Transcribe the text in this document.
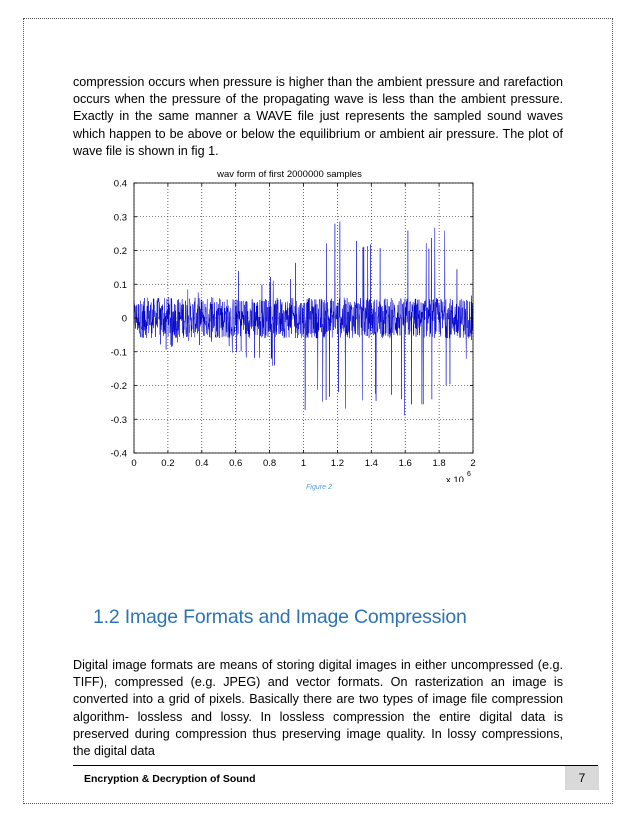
compression occurs when pressure is higher than the ambient pressure and rarefaction occurs when the pressure of the propagating wave is less than the ambient pressure. Exactly in the same manner a WAVE file just represents the sampled sound waves which happen to be above or below the equilibrium or ambient air pressure. The plot of wave file is shown in fig 1.

0	0.2 0.4 0.6 0.8	1	1.2 1.4 1.6 1.8	2
0.4
0.3
0.2
0.1
0
-0.1
-0.2
-0.3
-0.4
wav form of first 2000000 samples
x 10
6

Figure 2

1.2 Image Formats and Image Compression

Digital image formats are means of storing digital images in either uncompressed (e.g. TIFF), compressed (e.g. JPEG) and vector formats. On rasterization an image is converted into a grid of pixels. Basically there are two types of image file compression algorithm- lossless and lossy. In lossless compression the entire digital data is preserved during compression thus preserving image quality. In lossy compressions, the digital data

Encryption & Decryption of Sound	7
